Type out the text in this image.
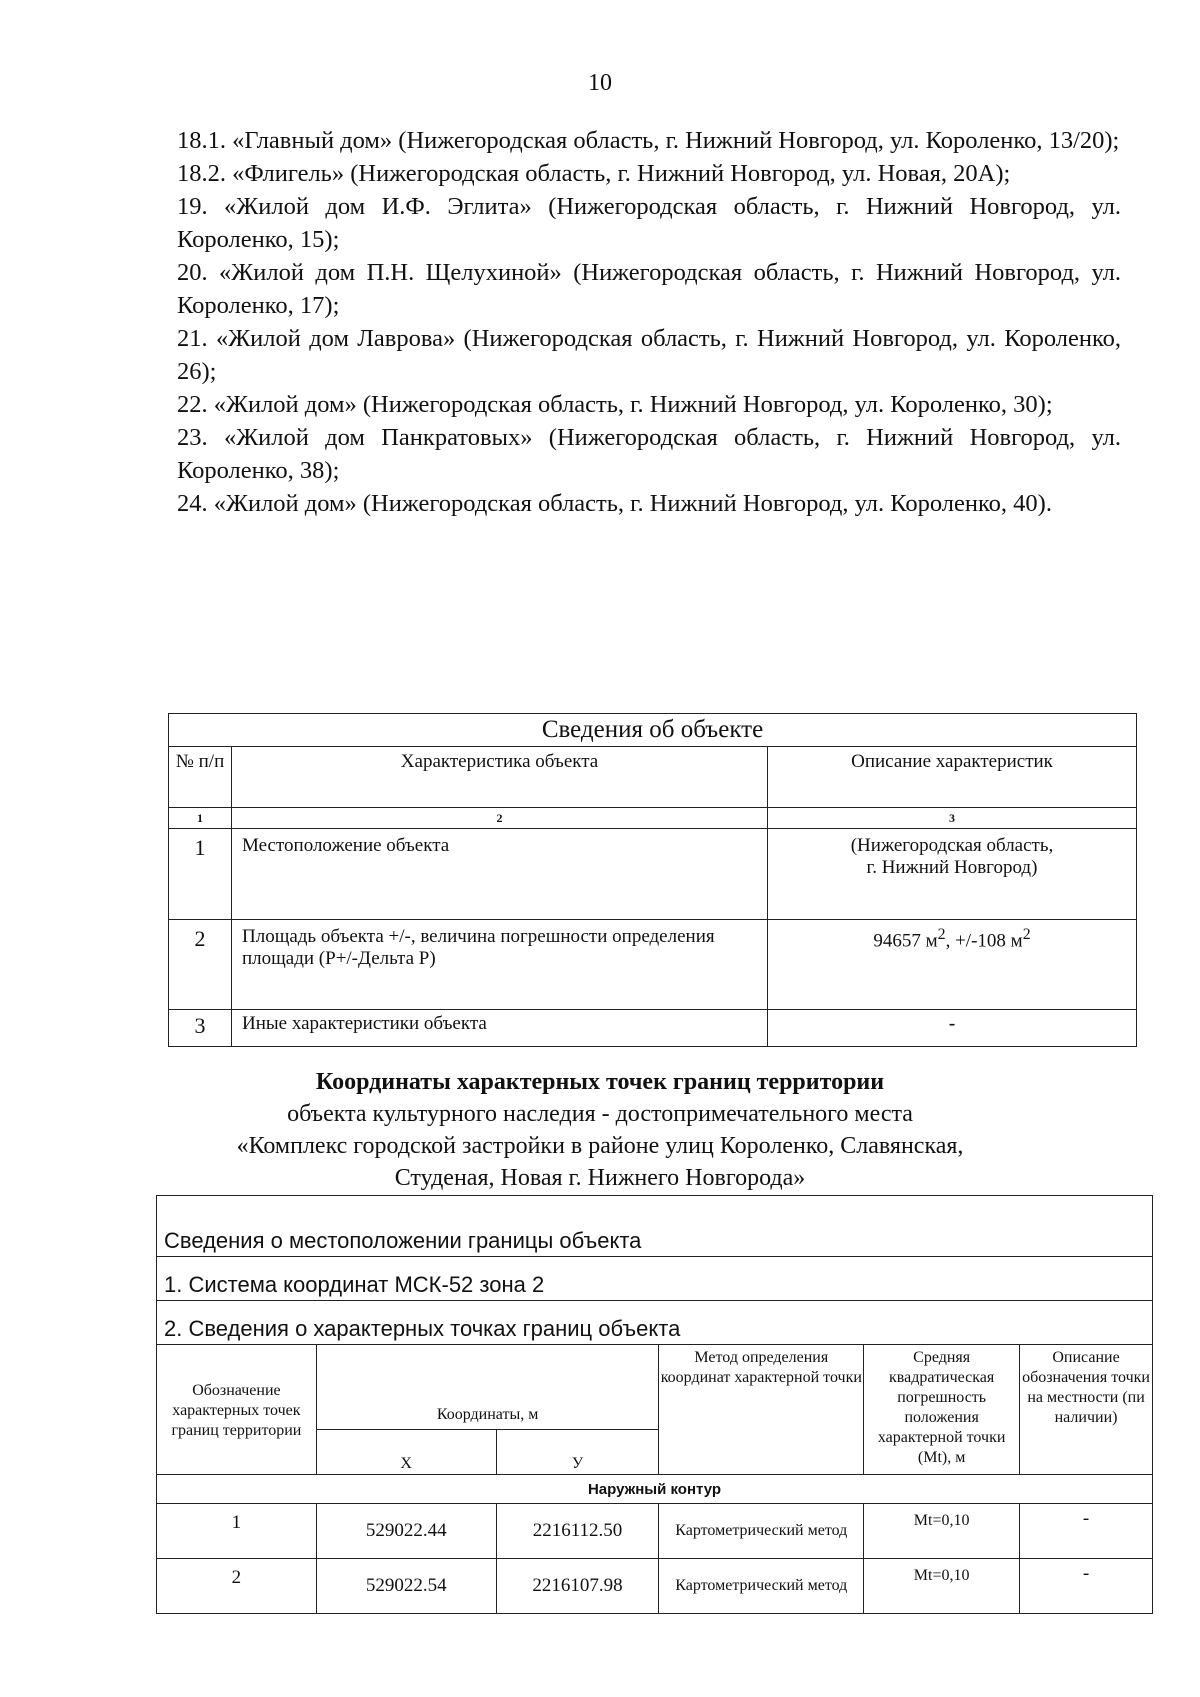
10

18.1. «Главный дом» (Нижегородская область, г. Нижний Новгород, ул. Короленко, 13/20);

18.2. «Флигель» (Нижегородская область, г. Нижний Новгород, ул. Новая, 20А);

19. «Жилой дом И.Ф. Эглита» (Нижегородская область, г. Нижний Новгород, ул. Короленко, 15);

20. «Жилой дом П.Н. Щелухиной» (Нижегородская область, г. Нижний Новгород, ул. Короленко, 17);

21. «Жилой дом Лаврова» (Нижегородская область, г. Нижний Новгород, ул. Короленко, 26);

22. «Жилой дом» (Нижегородская область, г. Нижний Новгород, ул. Короленко, 30);

23. «Жилой дом Панкратовых» (Нижегородская область, г. Нижний Новгород, ул. Короленко, 38);

24. «Жилой дом» (Нижегородская область, г. Нижний Новгород, ул. Короленко, 40).

Сведения об объекте		
№ п/п	Характеристика объекта	Описание характеристик
1	2	3
1	Местоположение объекта	(Нижегородская область,
г. Нижний Новгород)

2	Площадь объекта +/-, величина погрешности определения площади (Р+/-Дельта Р)	94657 $м^2$, +/-108 $м^2$
3	Иные характеристики объекта	-
Координаты характерных точек границ территории
объекта культурного наследия - достопримечательного места
«Комплекс городской застройки в районе улиц Короленко, Славянская,
Студеная, Новая г. Нижнего Новгорода»
Сведения о местоположении границы объекта					
1. Система координат МСК-52 зона 2					
2. Сведения о характерных точках границ объекта					
Обозначение характерных точек границ территории	Координаты, м		Метод определения координат характерной точки	Средняя квадратическая погрешность положения характерной точки (Mt), м	Описание обозначения точки на местности (пи наличии)
	X	У			
Наружный контур					
1	529022.44	2216112.50	Картометрический метод	Mt=0,10	-
2	529022.54	2216107.98	Картометрический метод	Mt=0,10	-
